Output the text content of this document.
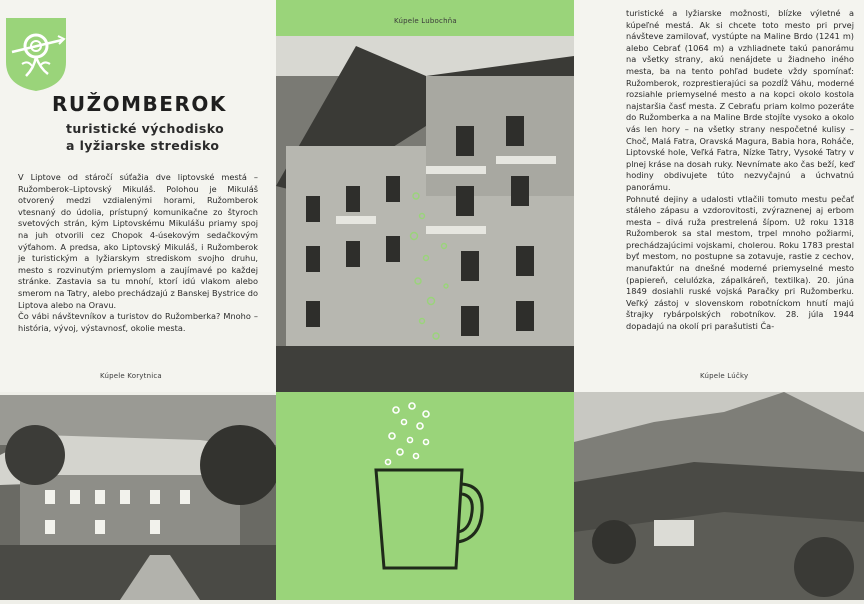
RUŽOMBEROK
turistické východisko
a lyžiarske stredisko

V Liptove od stáročí súťažia dve liptovské mestá – Ružomberok–Liptovský Mikuláš. Polohou je Mikuláš otvorený medzi vzdialenými horami, Ružomberok vtesnaný do údolia, prístupný komunikačne zo štyroch svetových strán, kým Liptovskému Mikulášu priamy spoj na juh otvorili cez Chopok 4-úsekovým sedačkovým výťahom. A predsa, ako Liptovský Mikuláš, i Ružomberok je turistickým a lyžiarskym strediskom svojho druhu, mesto s rozvinutým priemyslom a zaujímavé po každej stránke. Zastavia sa tu mnohí, ktorí idú vlakom alebo smerom na Tatry, alebo prechádzajú z Banskej Bystrice do Liptova alebo na Oravu.

Čo vábi návštevníkov a turistov do Ružomberka? Mnoho – história, vývoj, výstavnosť, okolie mesta.

Kúpele Korytnica
Kúpele Lubochňa

turistické a lyžiarske možnosti, blízke výletné a kúpeľné mestá. Ak si chcete toto mesto pri prvej návšteve zamilovať, vystúpte na Maline Brdo (1241 m) alebo Cebrať (1064 m) a vzhliadnete takú panorámu na všetky strany, akú nenájdete u žiadneho iného mesta, ba na tento pohľad budete vždy spomínať: Ružomberok, rozprestierajúci sa pozdĺž Váhu, moderné rozsiahle priemyselné mesto a na kopci okolo kostola najstaršia časť mesta. Z Cebraťu priam kolmo pozeráte do Ružomberka a na Maline Brde stojíte vysoko a okolo vás len hory – na všetky strany nespočetné kulisy – Choč, Malá Fatra, Oravská Magura, Babia hora, Roháče, Liptovské hole, Veľká Fatra, Nízke Tatry, Vysoké Tatry v plnej kráse na dosah ruky. Nevnímate ako čas beží, keď hodiny obdivujete túto nezvyčajnú a úchvatnú panorámu.

Pohnuté dejiny a udalosti vtlačili tomuto mestu pečať stáleho zápasu a vzdorovitosti, zvýraznenej aj erbom mesta – divá ruža prestrelená šípom. Už roku 1318 Ružomberok sa stal mestom, trpel mnoho požiarmi, prechádzajúcimi vojskami, cholerou. Roku 1783 prestal byť mestom, no postupne sa zotavuje, rastie z cechov, manufaktúr na dnešné moderné priemyselné mesto (papiereň, celulózka, zápalkáreň, textilka). 20. júna 1849 dosiahli ruské vojská Paračky pri Ružomberku. Veľký zástoj v slovenskom robotníckom hnutí majú štrajky rybárpolských robotníkov. 28. júla 1944 dopadajú na okolí pri parašutisti Ča-

Kúpele Lúčky
